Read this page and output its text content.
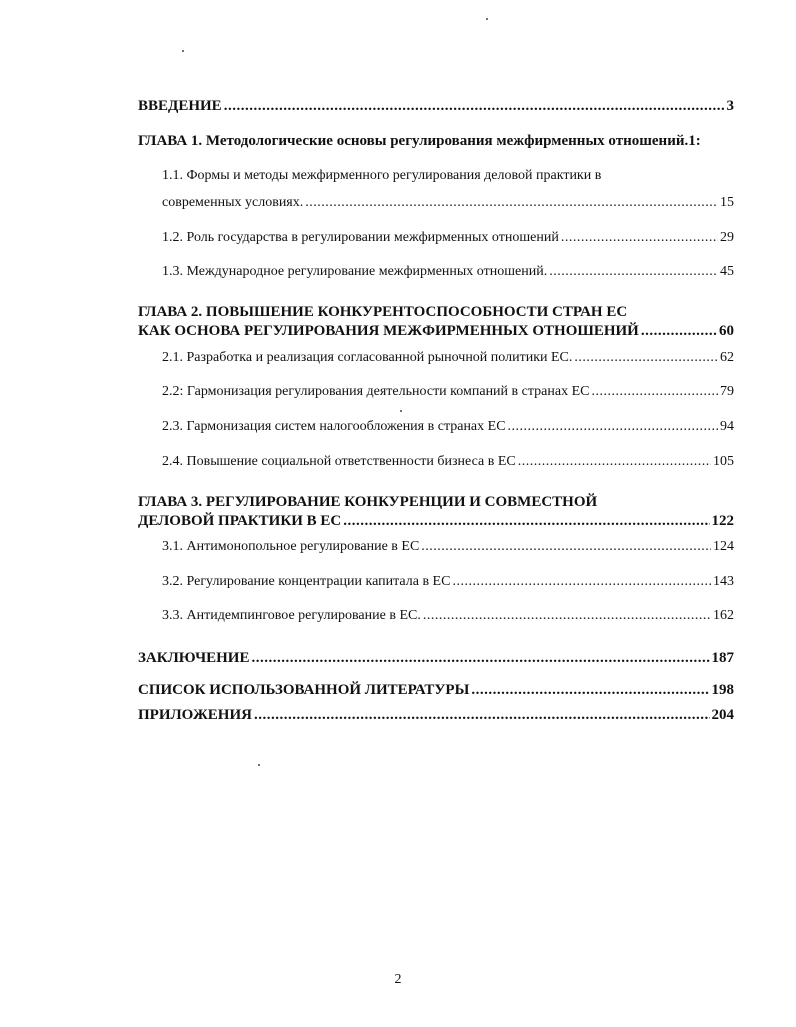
ВВЕДЕНИЕ .....	3
ГЛАВА 1. Методологические основы регулирования межфирменных отношений.1:
1.1. Формы и методы межфирменного регулирования деловой практики в
современных условиях. .....	15
1.2. Роль государства в регулировании межфирменных отношений .....	29
1.3. Международное регулирование межфирменных отношений. .....	45
ГЛАВА 2. ПОВЫШЕНИЕ КОНКУРЕНТОСПОСОБНОСТИ СТРАН ЕС
КАК ОСНОВА РЕГУЛИРОВАНИЯ МЕЖФИРМЕННЫХ ОТНОШЕНИЙ .....	60
2.1. Разработка и реализация согласованной рыночной политики ЕС. .....	62
2.2: Гармонизация регулирования деятельности компаний в странах ЕС .....	79
2.3. Гармонизация систем налогообложения в странах ЕС .....	94
2.4. Повышение социальной ответственности бизнеса в ЕС .....	105
ГЛАВА 3. РЕГУЛИРОВАНИЕ КОНКУРЕНЦИИ И СОВМЕСТНОЙ
ДЕЛОВОЙ ПРАКТИКИ В ЕС .....	122
3.1. Антимонопольное регулирование в ЕС .....	124
3.2. Регулирование концентрации капитала в ЕС .....	143
3.3. Антидемпинговое регулирование в ЕС. .....	162
ЗАКЛЮЧЕНИЕ .....	187
СПИСОК ИСПОЛЬЗОВАННОЙ ЛИТЕРАТУРЫ .....	198
ПРИЛОЖЕНИЯ .....	204
2
